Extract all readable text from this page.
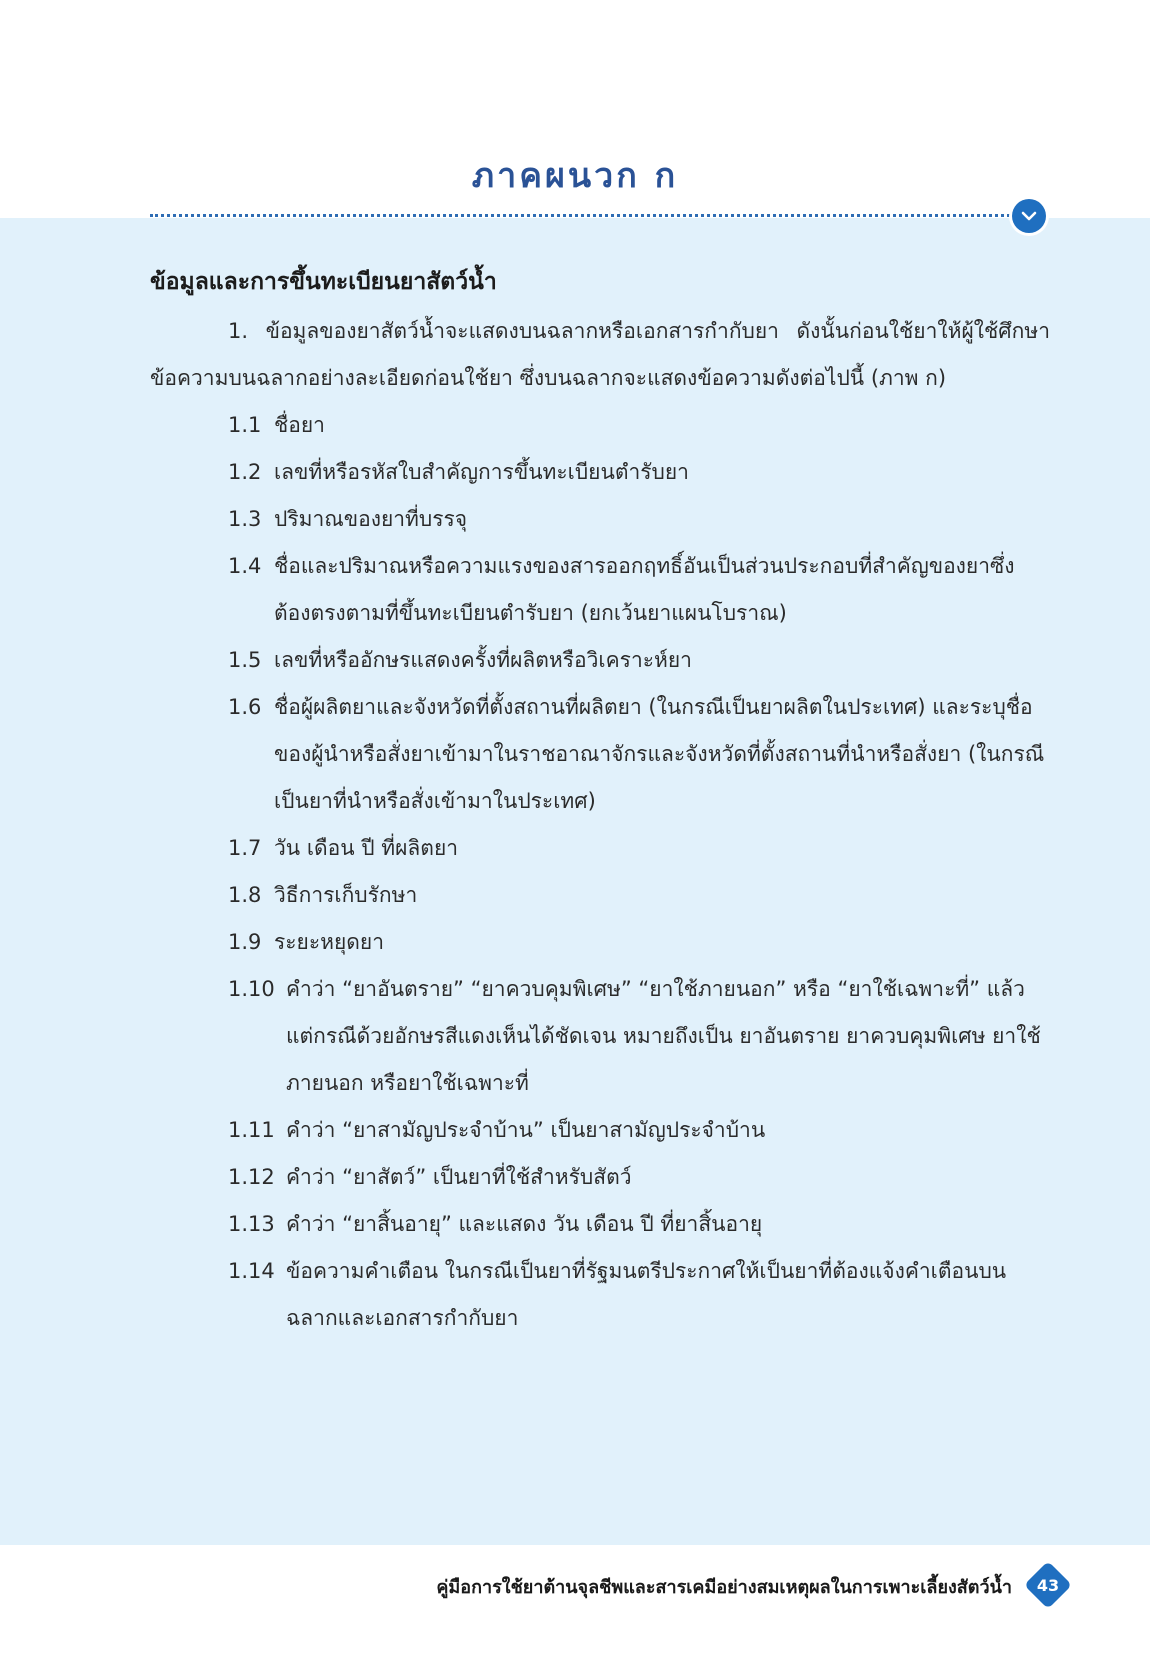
ภาคผนวก ก
ข้อมูลและการขึ้นทะเบียนยาสัตว์น้ำ

1. ข้อมูลของยาสัตว์น้ำจะแสดงบนฉลากหรือเอกสารกำกับยา ดังนั้นก่อนใช้ยาให้ผู้ใช้ศึกษาข้อความบนฉลากอย่างละเอียดก่อนใช้ยา ซึ่งบนฉลากจะแสดงข้อความดังต่อไปนี้ (ภาพ ก)

1.1 ชื่อยา
1.2 เลขที่หรือรหัสใบสำคัญการขึ้นทะเบียนตำรับยา
1.3 ปริมาณของยาที่บรรจุ
1.4 ชื่อและปริมาณหรือความแรงของสารออกฤทธิ์อันเป็นส่วนประกอบที่สำคัญของยาซึ่งต้องตรงตามที่ขึ้นทะเบียนตำรับยา (ยกเว้นยาแผนโบราณ)
1.5 เลขที่หรืออักษรแสดงครั้งที่ผลิตหรือวิเคราะห์ยา
1.6 ชื่อผู้ผลิตยาและจังหวัดที่ตั้งสถานที่ผลิตยา (ในกรณีเป็นยาผลิตในประเทศ) และระบุชื่อของผู้นำหรือสั่งยาเข้ามาในราชอาณาจักรและจังหวัดที่ตั้งสถานที่นำหรือสั่งยา (ในกรณีเป็นยาที่นำหรือสั่งเข้ามาในประเทศ)
1.7 วัน เดือน ปี ที่ผลิตยา
1.8 วิธีการเก็บรักษา
1.9 ระยะหยุดยา
1.10 คำว่า “ยาอันตราย” “ยาควบคุมพิเศษ” “ยาใช้ภายนอก” หรือ “ยาใช้เฉพาะที่” แล้วแต่กรณีด้วยอักษรสีแดงเห็นได้ชัดเจน หมายถึงเป็น ยาอันตราย ยาควบคุมพิเศษ ยาใช้ภายนอก หรือยาใช้เฉพาะที่
1.11 คำว่า “ยาสามัญประจำบ้าน” เป็นยาสามัญประจำบ้าน
1.12 คำว่า “ยาสัตว์” เป็นยาที่ใช้สำหรับสัตว์
1.13 คำว่า “ยาสิ้นอายุ” และแสดง วัน เดือน ปี ที่ยาสิ้นอายุ
1.14 ข้อความคำเตือน ในกรณีเป็นยาที่รัฐมนตรีประกาศให้เป็นยาที่ต้องแจ้งคำเตือนบนฉลากและเอกสารกำกับยา
คู่มือการใช้ยาต้านจุลชีพและสารเคมีอย่างสมเหตุผลในการเพาะเลี้ยงสัตว์น้ำ	43
